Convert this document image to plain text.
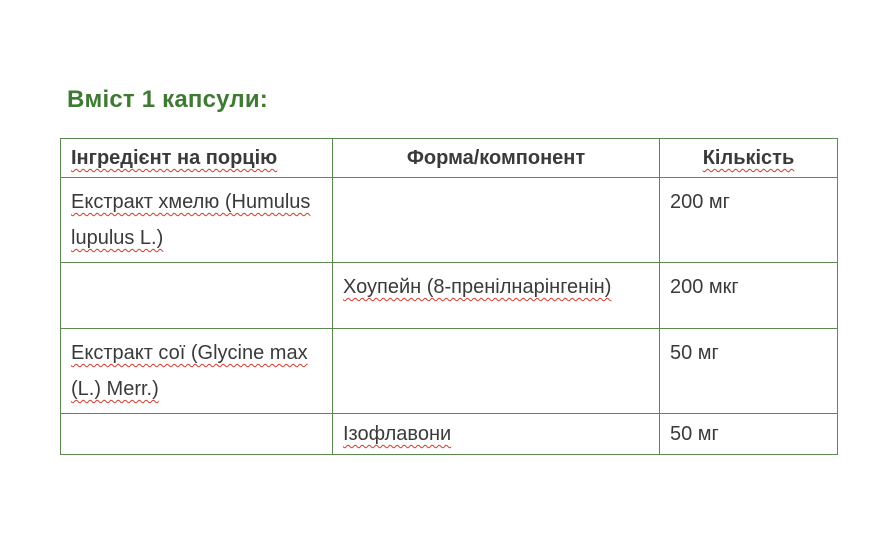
Вміст 1 капсули:
Інгредієнт на порцію	Форма/компонент	Кількість
Екстракт хмелю (Humulus lupulus L.)		200 мг
	Хоупейн (8-пренілнарінгенін)	200 мкг
Екстракт сої (Glycine max (L.) Merr.)		50 мг
	Ізофлавони	50 мг
